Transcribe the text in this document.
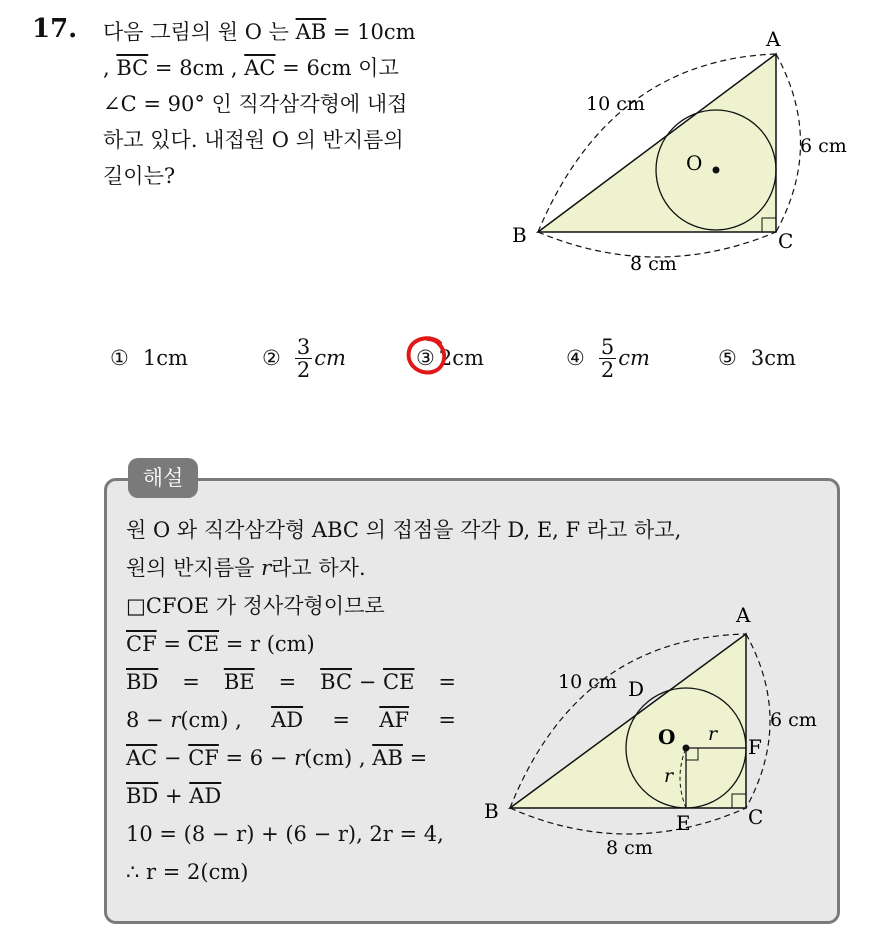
17. 다음 그림의 원 O 는 $\overline{AB} = 10cm$
, $\overline{BC} = 8cm$ , $\overline{AC} = 6cm$ 이고
∠C = 90° 인 직각삼각형에 내접
하고 있다. 내접원 O 의 반지름의
길이는?
A
B	C
O
10 cm
6 cm
8 cm
① 1cm	② $\frac{3}{2}$ cm	③ 2cm	④ $\frac{5}{2}$ cm	⑤ 3cm
해설
원 O 와 직각삼각형 ABC 의 접점을 각각 D, E, F 라고 하고,
원의 반지름을 r라고 하자.
□CFOE 가 정사각형이므로
$\overline{CF} = \overline{CE} = r$ (cm)
$\overline{BD} = \overline{BE} = \overline{BC} - \overline{CE}$ =
8 − r(cm) , $\overline{AD} = \overline{AF}$ =
$\overline{AC} - \overline{CF} = 6 - r(cm)$ , $\overline{AB}$ =
$\overline{BD} + \overline{AD}$
10 = (8 − r) + (6 − r), 2r = 4,
∴ r = 2(cm)
A
B	C
D
E
F
O r
r
10 cm
6 cm
8 cm
